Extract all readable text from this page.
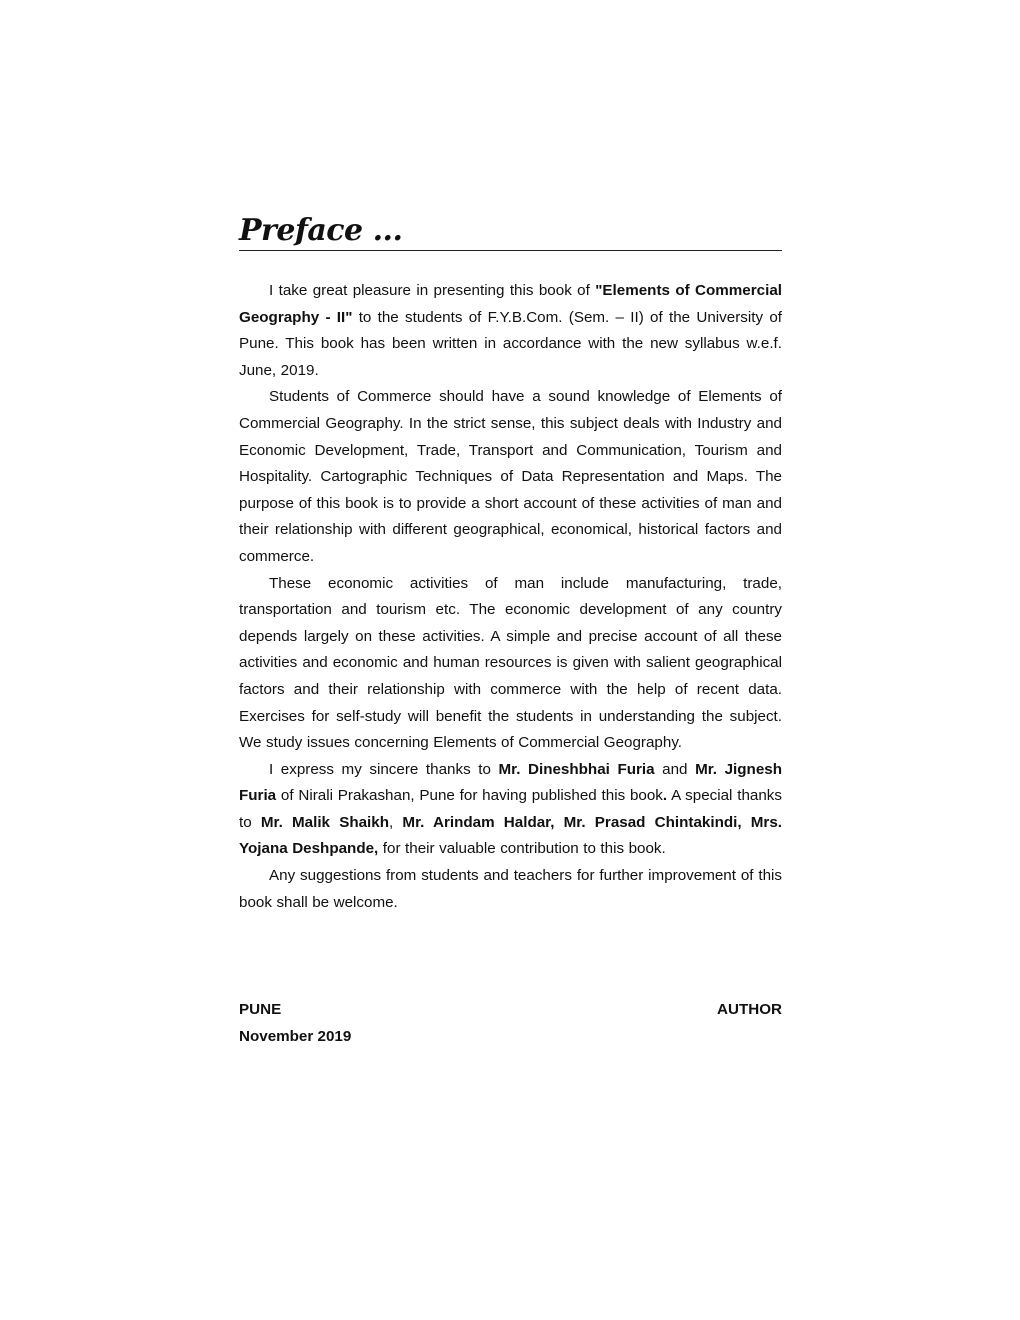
Preface ...

I take great pleasure in presenting this book of "Elements of Commercial Geography - II" to the students of F.Y.B.Com. (Sem. – II) of the University of Pune. This book has been written in accordance with the new syllabus w.e.f. June, 2019.

Students of Commerce should have a sound knowledge of Elements of Commercial Geography. In the strict sense, this subject deals with Industry and Economic Development, Trade, Transport and Communication, Tourism and Hospitality. Cartographic Techniques of Data Representation and Maps. The purpose of this book is to provide a short account of these activities of man and their relationship with different geographical, economical, historical factors and commerce.

These economic activities of man include manufacturing, trade, transportation and tourism etc. The economic development of any country depends largely on these activities. A simple and precise account of all these activities and economic and human resources is given with salient geographical factors and their relationship with commerce with the help of recent data. Exercises for self-study will benefit the students in understanding the subject. We study issues concerning Elements of Commercial Geography.

I express my sincere thanks to Mr. Dineshbhai Furia and Mr. Jignesh Furia of Nirali Prakashan, Pune for having published this book. A special thanks to Mr. Malik Shaikh, Mr. Arindam Haldar, Mr. Prasad Chintakindi, Mrs. Yojana Deshpande, for their valuable contribution to this book.

Any suggestions from students and teachers for further improvement of this book shall be welcome.

PUNE	AUTHOR
November 2019
